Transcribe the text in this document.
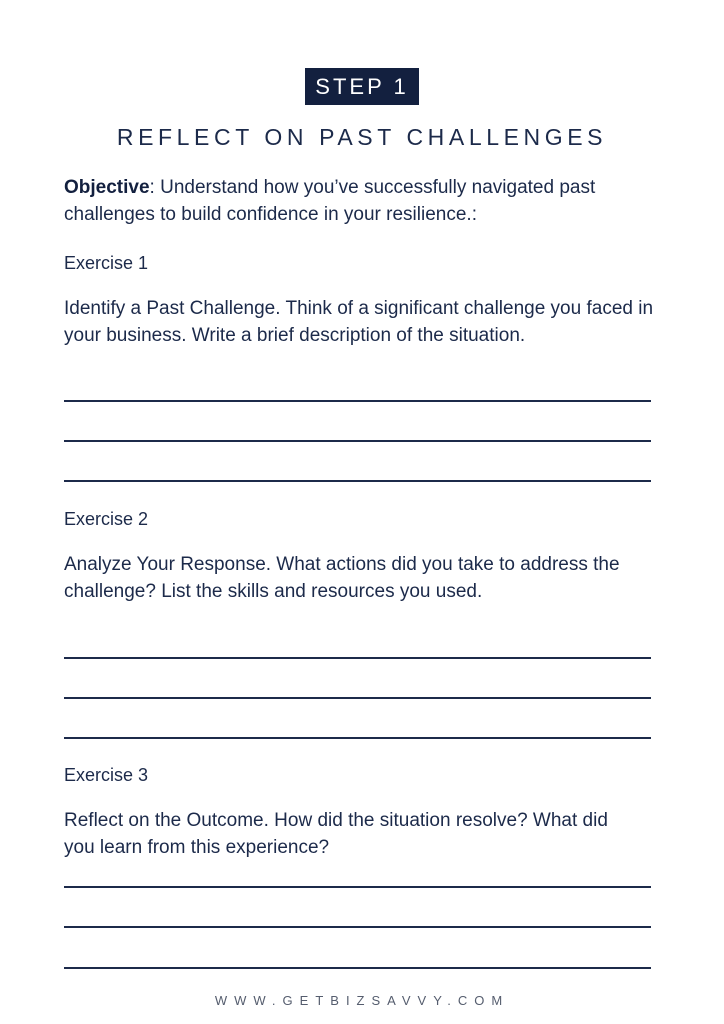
STEP 1
REFLECT ON PAST CHALLENGES
Objective: Understand how you’ve successfully navigated past challenges to build confidence in your resilience.:
Exercise 1
Identify a Past Challenge. Think of a significant challenge you faced in your business. Write a brief description of the situation.
Exercise 2
Analyze Your Response. What actions did you take to address the challenge? List the skills and resources you used.
Exercise 3
Reflect on the Outcome. How did the situation resolve? What did you learn from this experience?
WWW.GETBIZSAVVY.COM
